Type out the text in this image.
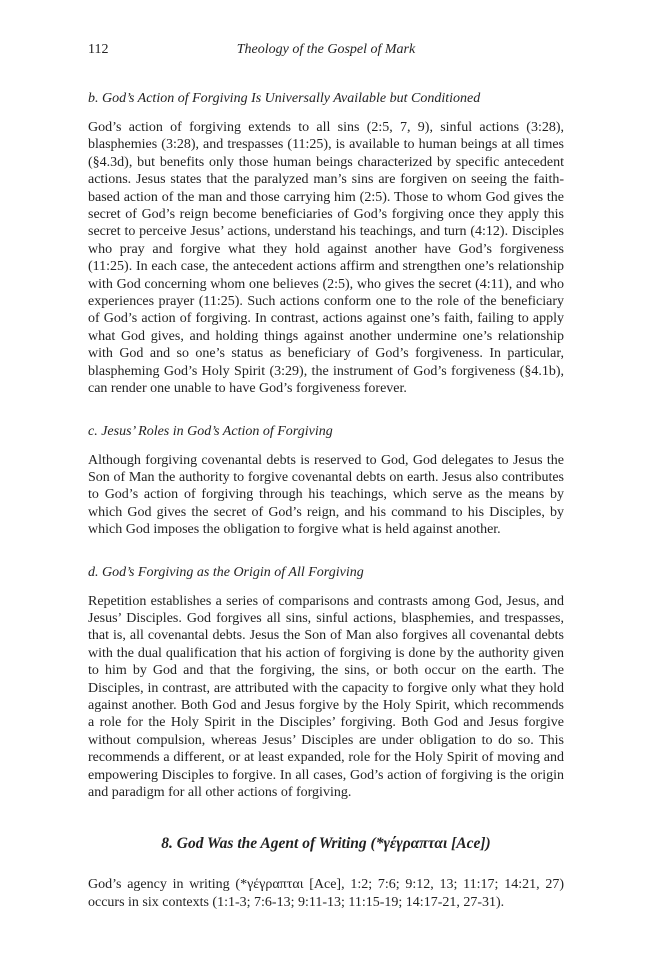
112	Theology of the Gospel of Mark

b. God’s Action of Forgiving Is Universally Available but Conditioned

God’s action of forgiving extends to all sins (2:5, 7, 9), sinful actions (3:28), blasphemies (3:28), and trespasses (11:25), is available to human beings at all times (§4.3d), but benefits only those human beings characterized by specific antecedent actions. Jesus states that the paralyzed man’s sins are forgiven on seeing the faith-based action of the man and those carrying him (2:5). Those to whom God gives the secret of God’s reign become beneficiaries of God’s forgiving once they apply this secret to perceive Jesus’ actions, understand his teachings, and turn (4:12). Disciples who pray and forgive what they hold against another have God’s forgiveness (11:25). In each case, the antecedent actions affirm and strengthen one’s relationship with God concerning whom one believes (2:5), who gives the secret (4:11), and who experiences prayer (11:25). Such actions conform one to the role of the beneficiary of God’s action of forgiving. In contrast, actions against one’s faith, failing to apply what God gives, and holding things against another undermine one’s relationship with God and so one’s status as beneficiary of God’s forgiveness. In particular, blaspheming God’s Holy Spirit (3:29), the instrument of God’s forgiveness (§4.1b), can render one unable to have God’s forgiveness forever.

c. Jesus’ Roles in God’s Action of Forgiving

Although forgiving covenantal debts is reserved to God, God delegates to Jesus the Son of Man the authority to forgive covenantal debts on earth. Jesus also contributes to God’s action of forgiving through his teachings, which serve as the means by which God gives the secret of God’s reign, and his command to his Disciples, by which God imposes the obligation to forgive what is held against another.

d. God’s Forgiving as the Origin of All Forgiving

Repetition establishes a series of comparisons and contrasts among God, Jesus, and Jesus’ Disciples. God forgives all sins, sinful actions, blasphemies, and trespasses, that is, all covenantal debts. Jesus the Son of Man also forgives all covenantal debts with the dual qualification that his action of forgiving is done by the authority given to him by God and that the forgiving, the sins, or both occur on the earth. The Disciples, in contrast, are attributed with the capacity to forgive only what they hold against another. Both God and Jesus forgive by the Holy Spirit, which recommends a role for the Holy Spirit in the Disciples’ forgiving. Both God and Jesus forgive without compulsion, whereas Jesus’ Disciples are under obligation to do so. This recommends a different, or at least expanded, role for the Holy Spirit of moving and empowering Disciples to forgive. In all cases, God’s action of forgiving is the origin and paradigm for all other actions of forgiving.

8. God Was the Agent of Writing (*γέγραπται [Ace])

God’s agency in writing (*γέγραπται [Ace], 1:2; 7:6; 9:12, 13; 11:17; 14:21, 27) occurs in six contexts (1:1-3; 7:6-13; 9:11-13; 11:15-19; 14:17-21, 27-31).
